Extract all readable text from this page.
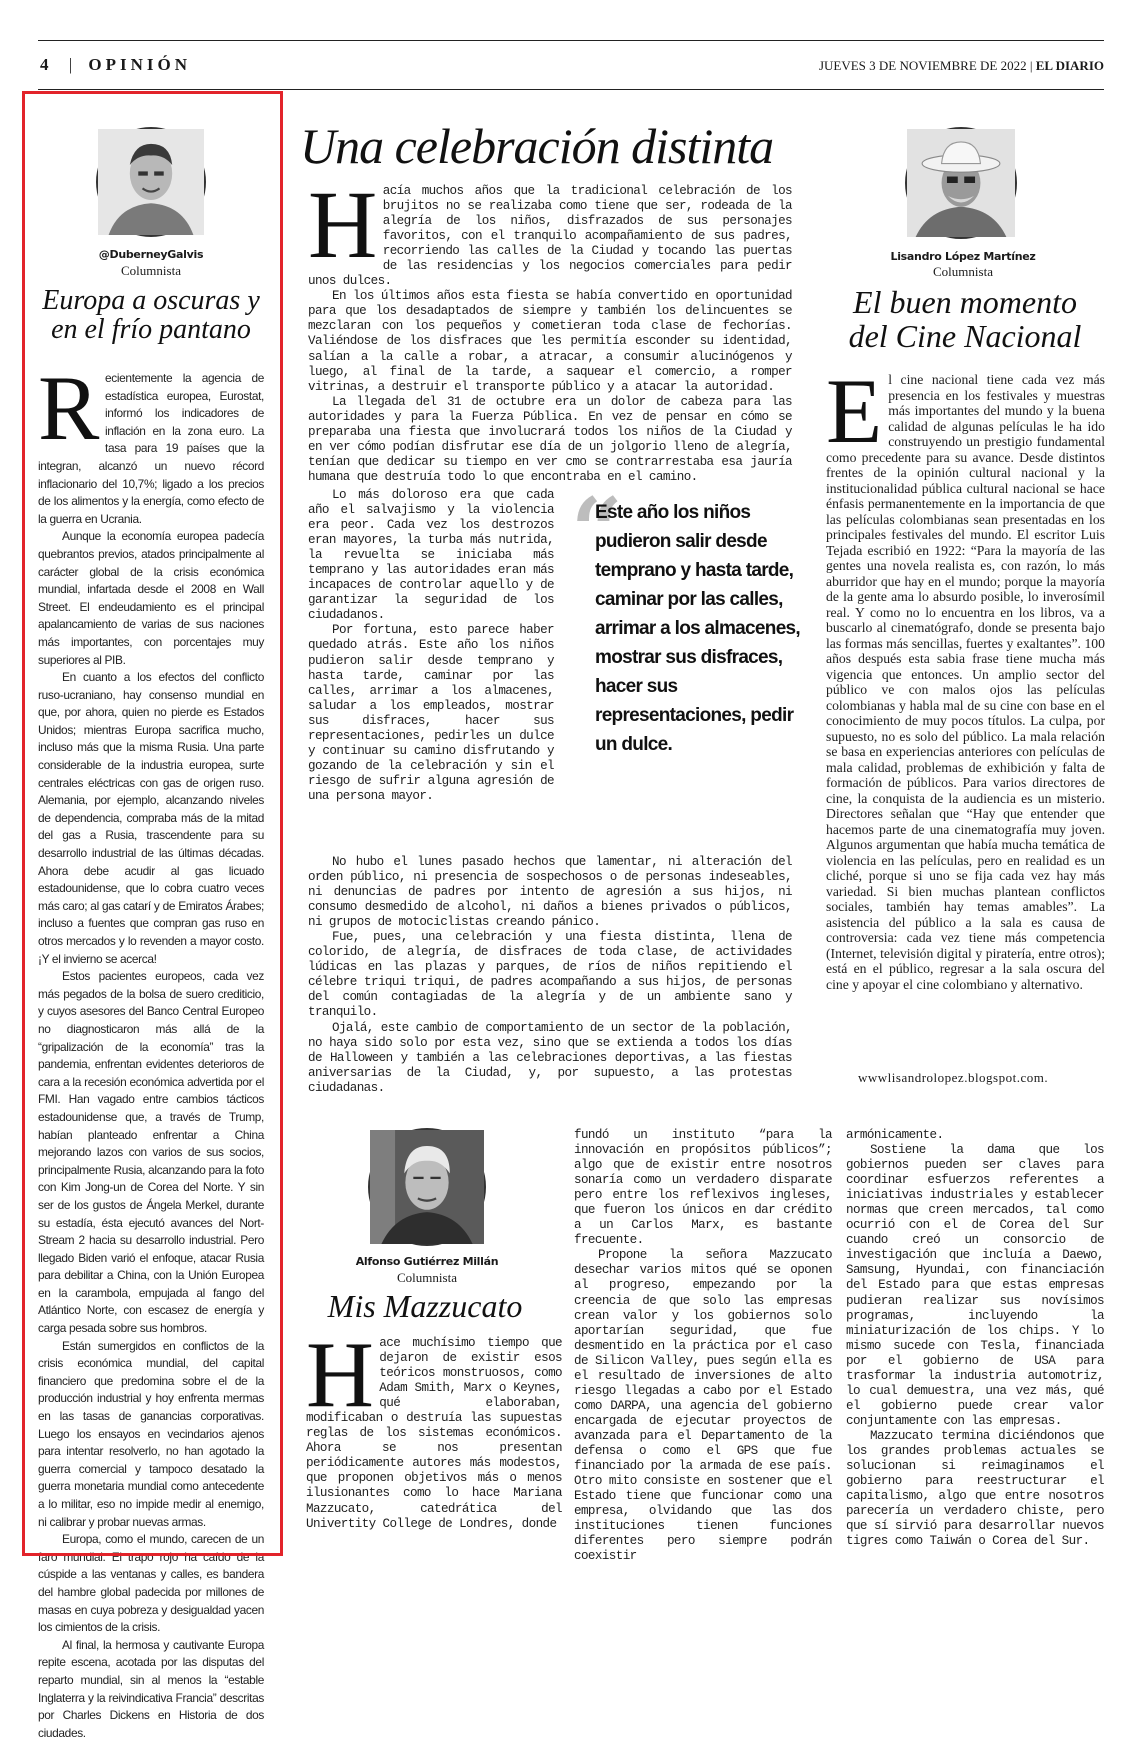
4 | OPINIÓN	JUEVES 3 DE NOVIEMBRE DE 2022 | EL DIARIO
@DuberneyGalvis
Columnista
Europa a oscuras y en el frío pantano
R ecientemente la agencia de estadística europea, Eurostat, informó los indicadores de inflación en la zona euro. La tasa para 19 países que la integran, alcanzó un nuevo récord inflacionario del 10,7%; ligado a los precios de los alimentos y la energía, como efecto de la guerra en Ucrania.

Aunque la economía europea padecía quebrantos previos, atados principalmente al carácter global de la crisis económica mundial, infartada desde el 2008 en Wall Street. El endeudamiento es el principal apalancamiento de varias de sus naciones más importantes, con porcentajes muy superiores al PIB.

En cuanto a los efectos del conflicto ruso-ucraniano, hay consenso mundial en que, por ahora, quien no pierde es Estados Unidos; mientras Europa sacrifica mucho, incluso más que la misma Rusia. Una parte considerable de la industria europea, surte centrales eléctricas con gas de origen ruso. Alemania, por ejemplo, alcanzando niveles de dependencia, compraba más de la mitad del gas a Rusia, trascendente para su desarrollo industrial de las últimas décadas. Ahora debe acudir al gas licuado estadounidense, que lo cobra cuatro veces más caro; al gas catarí y de Emiratos Árabes; incluso a fuentes que compran gas ruso en otros mercados y lo revenden a mayor costo. ¡Y el invierno se acerca!

Estos pacientes europeos, cada vez más pegados de la bolsa de suero crediticio, y cuyos asesores del Banco Central Europeo no diagnosticaron más allá de la “gripalización de la economía” tras la pandemia, enfrentan evidentes deterioros de cara a la recesión económica advertida por el FMI. Han vagado entre cambios tácticos estadounidense que, a través de Trump, habían planteado enfrentar a China mejorando lazos con varios de sus socios, principalmente Rusia, alcanzando para la foto con Kim Jong-un de Corea del Norte. Y sin ser de los gustos de Ángela Merkel, durante su estadía, ésta ejecutó avances del Nort-Stream 2 hacia su desarrollo industrial. Pero llegado Biden varió el enfoque, atacar Rusia para debilitar a China, con la Unión Europea en la carambola, empujada al fango del Atlántico Norte, con escasez de energía y carga pesada sobre sus hombros.

Están sumergidos en conflictos de la crisis económica mundial, del capital financiero que predomina sobre el de la producción industrial y hoy enfrenta mermas en las tasas de ganancias corporativas. Luego los ensayos en vecindarios ajenos para intentar resolverlo, no han agotado la guerra comercial y tampoco desatado la guerra monetaria mundial como antecedente a lo militar, eso no impide medir al enemigo, ni calibrar y probar nuevas armas.

Europa, como el mundo, carecen de un faro mundial. El trapo rojo ha caído de la cúspide a las ventanas y calles, es bandera del hambre global padecida por millones de masas en cuya pobreza y desigualdad yacen los cimientos de la crisis.

Al final, la hermosa y cautivante Europa repite escena, acotada por las disputas del reparto mundial, sin al menos la “estable Inglaterra y la reivindicativa Francia” descritas por Charles Dickens en Historia de dos ciudades.

Una celebración distinta
H acía muchos años que la tradicional celebración de los brujitos no se realizaba como tiene que ser, rodeada de la alegría de los niños, disfrazados de sus personajes favoritos, con el tranquilo acompañamiento de sus padres, recorriendo las calles de la Ciudad y tocando las puertas de las residencias y los negocios comerciales para pedir unos dulces.

En los últimos años esta fiesta se había convertido en oportunidad para que los desadaptados de siempre y también los delincuentes se mezclaran con los pequeños y cometieran toda clase de fechorías. Valiéndose de los disfraces que les permitía esconder su identidad, salían a la calle a robar, a atracar, a consumir alucinógenos y luego, al final de la tarde, a saquear el comercio, a romper vitrinas, a destruir el transporte público y a atacar la autoridad.

La llegada del 31 de octubre era un dolor de cabeza para las autoridades y para la Fuerza Pública. En vez de pensar en cómo se preparaba una fiesta que involucrará todos los niños de la Ciudad y en ver cómo podían disfrutar ese día de un jolgorio lleno de alegría, tenían que dedicar su tiempo en ver cmo se contrarrestaba esa jauría humana que destruía todo lo que encontraba en el camino.

Lo más doloroso era que cada año el salvajismo y la violencia era peor. Cada vez los destrozos eran mayores, la turba más nutrida, la revuelta se iniciaba más temprano y las autoridades eran más incapaces de controlar aquello y de garantizar la seguridad de los ciudadanos.

Por fortuna, esto parece haber quedado atrás. Este año los niños pudieron salir desde temprano y hasta tarde, caminar por las calles, arrimar a los almacenes, saludar a los empleados, mostrar sus disfraces, hacer sus representaciones, pedirles un dulce y continuar su camino disfrutando y gozando de la celebración y sin el riesgo de sufrir alguna agresión de una persona mayor.

“
Este año los niños pudieron salir desde temprano y hasta tarde, caminar por las calles, arrimar a los almacenes, mostrar sus disfraces, hacer sus representaciones, pedir un dulce.

No hubo el lunes pasado hechos que lamentar, ni alteración del orden público, ni presencia de sospechosos o de personas indeseables, ni denuncias de padres por intento de agresión a sus hijos, ni consumo desmedido de alcohol, ni daños a bienes privados o públicos, ni grupos de motociclistas creando pánico.

Fue, pues, una celebración y una fiesta distinta, llena de colorido, de alegría, de disfraces de toda clase, de actividades lúdicas en las plazas y parques, de ríos de niños repitiendo el célebre triqui triqui, de padres acompañando a sus hijos, de personas del común contagiadas de la alegría y de un ambiente sano y tranquilo.

Ojalá, este cambio de comportamiento de un sector de la población, no haya sido solo por esta vez, sino que se extienda a todos los días de Halloween y también a las celebraciones deportivas, a las fiestas aniversarias de la Ciudad, y, por supuesto, a las protestas ciudadanas.

Lisandro López Martínez
Columnista
El buen momento del Cine Nacional
E l cine nacional tiene cada vez más presencia en los festivales y muestras más importantes del mundo y la buena calidad de algunas películas le ha ido construyendo un prestigio fundamental como precedente para su avance. Desde distintos frentes de la opinión cultural nacional y la institucionalidad pública cultural nacional se hace énfasis permanentemente en la importancia de que las películas colombianas sean presentadas en los principales festivales del mundo. El escritor Luis Tejada escribió en 1922: “Para la mayoría de las gentes una novela realista es, con razón, lo más aburridor que hay en el mundo; porque la mayoría de la gente ama lo absurdo posible, lo inverosímil real. Y como no lo encuentra en los libros, va a buscarlo al cinematógrafo, donde se presenta bajo las formas más sencillas, fuertes y exaltantes”. 100 años después esta sabia frase tiene mucha más vigencia que entonces. Un amplio sector del público ve con malos ojos las películas colombianas y habla mal de su cine con base en el conocimiento de muy pocos títulos. La culpa, por supuesto, no es solo del público. La mala relación se basa en experiencias anteriores con películas de mala calidad, problemas de exhibición y falta de formación de públicos. Para varios directores de cine, la conquista de la audiencia es un misterio. Directores señalan que “Hay que entender que hacemos parte de una cinematografía muy joven. Algunos argumentan que había mucha temática de violencia en las películas, pero en realidad es un cliché, porque si uno se fija cada vez hay más variedad. Si bien muchas plantean conflictos sociales, también hay temas amables”. La asistencia del público a la sala es causa de controversia: cada vez tiene más competencia (Internet, televisión digital y piratería, entre otros); está en el público, regresar a la sala oscura del cine y apoyar el cine colombiano y alternativo.

wwwlisandrolopez.blogspot.com.
Alfonso Gutiérrez Millán
Columnista
Mis Mazzucato
H ace muchísimo tiempo que dejaron de existir esos teóricos monstruosos, como Adam Smith, Marx o Keynes, qué elaboraban, modificaban o destruía las supuestas reglas de los sistemas económicos. Ahora se nos presentan periódicamente autores más modestos, que proponen objetivos más o menos ilusionantes como lo hace Mariana Mazzucato, catedrática del Univertity College de Londres, donde

fundó un instituto “para la innovación en propósitos públicos”; algo que de existir entre nosotros sonaría como un verdadero disparate pero entre los reflexivos ingleses, que fueron los únicos en dar crédito a un Carlos Marx, es bastante frecuente.

Propone la señora Mazzucato desechar varios mitos qué se oponen al progreso, empezando por la creencia de que solo las empresas crean valor y los gobiernos solo aportarían seguridad, que fue desmentido en la práctica por el caso de Silicon Valley, pues según ella es el resultado de inversiones de alto riesgo llegadas a cabo por el Estado como DARPA, una agencia del gobierno encargada de ejecutar proyectos de avanzada para el Departamento de la defensa o como el GPS que fue financiado por la armada de ese país. Otro mito consiste en sostener que el Estado tiene que funcionar como una empresa, olvidando que las dos instituciones tienen funciones diferentes pero siempre podrán coexistir

armónicamente.

Sostiene la dama que los gobiernos pueden ser claves para coordinar esfuerzos referentes a iniciativas industriales y establecer normas que creen mercados, tal como ocurrió con el de Corea del Sur cuando creó un consorcio de investigación que incluía a Daewo, Samsung, Hyundai, con financiación del Estado para que estas empresas pudieran realizar sus novísimos programas, incluyendo la miniaturización de los chips. Y lo mismo sucede con Tesla, financiada por el gobierno de USA para trasformar la industria automotriz, lo cual demuestra, una vez más, qué el gobierno puede crear valor conjuntamente con las empresas.

Mazzucato termina diciéndonos que los grandes problemas actuales se solucionan si reimaginamos el gobierno para reestructurar el capitalismo, algo que entre nosotros parecería un verdadero chiste, pero que sí sirvió para desarrollar nuevos tigres como Taiwán o Corea del Sur.
